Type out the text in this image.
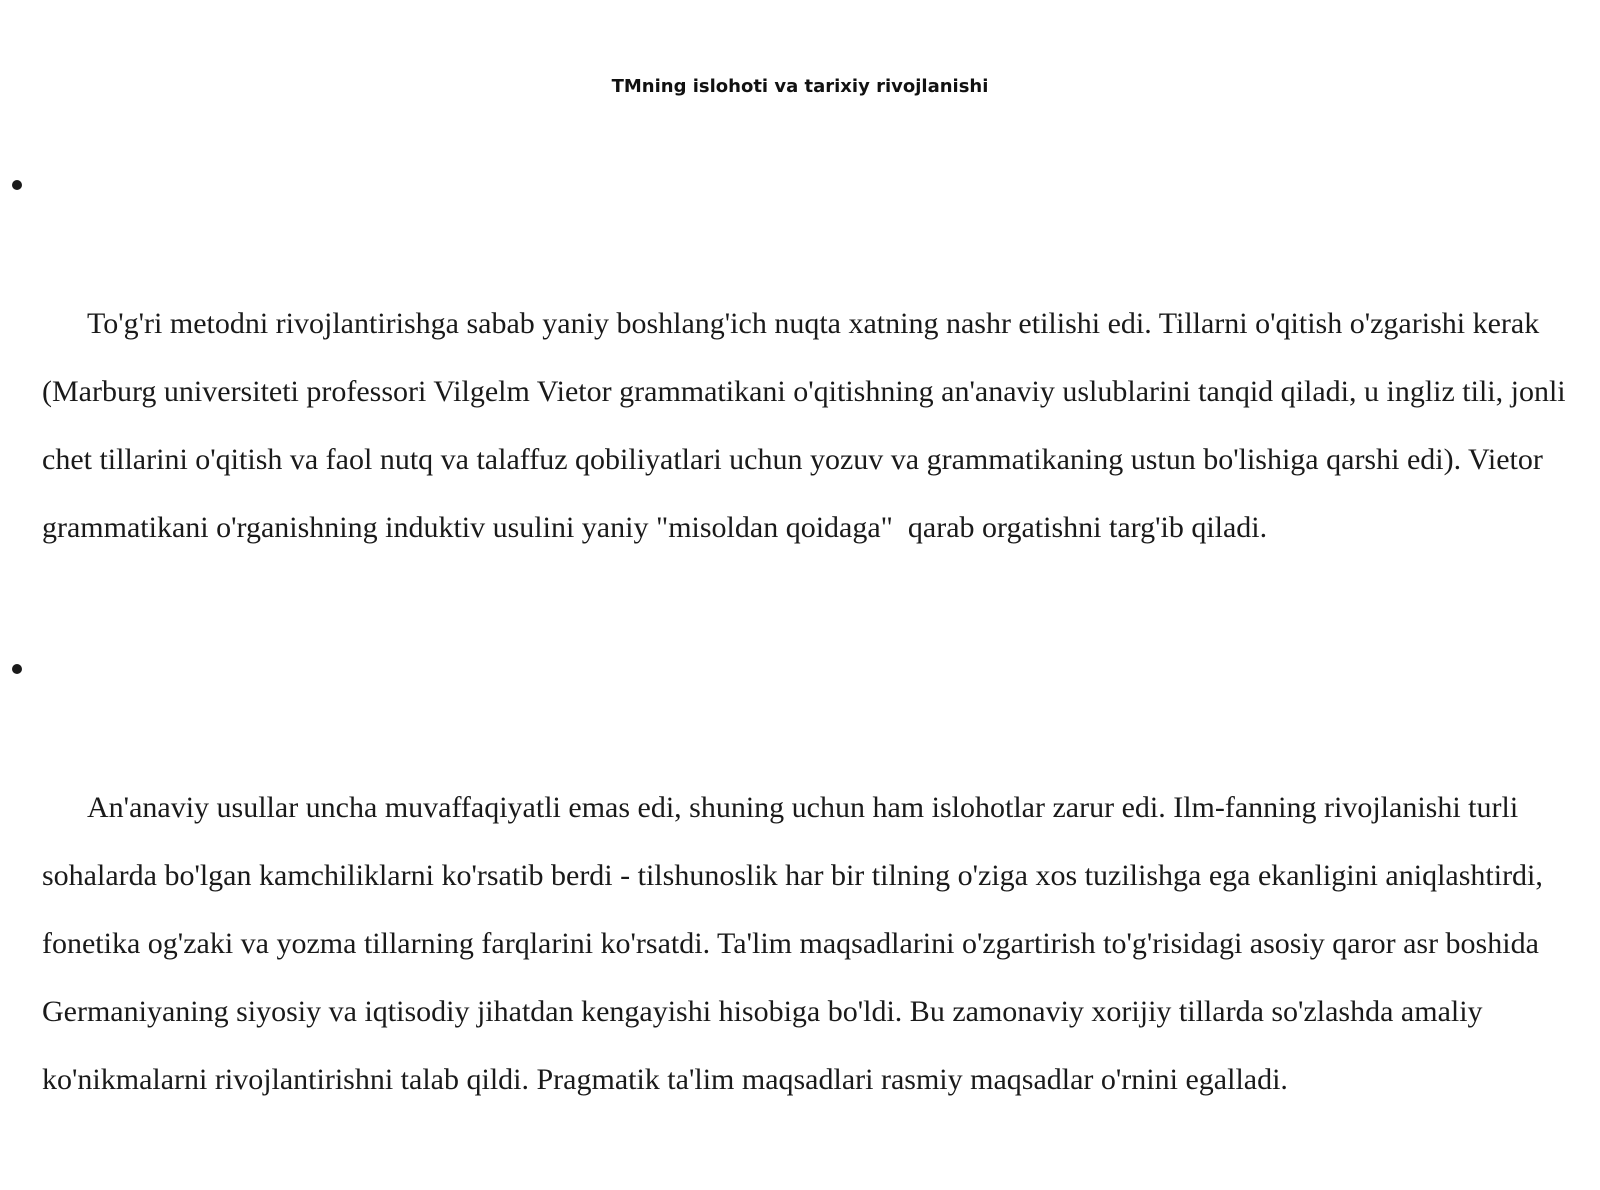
TMning islohoti va tarixiy rivojlanishi

To'g'ri metodni rivojlantirishga sabab yaniy boshlang'ich nuqta xatning nashr etilishi edi. Tillarni o'qitish o'zgarishi kerak (Marburg universiteti professori Vilgelm Vietor grammatikani o'qitishning an'anaviy uslublarini tanqid qiladi, u ingliz tili, jonli chet tillarini o'qitish va faol nutq va talaffuz qobiliyatlari uchun yozuv va grammatikaning ustun bo'lishiga qarshi edi). Vietor grammatikani o'rganishning induktiv usulini yaniy "misoldan qoidaga"  qarab orgatishni targ'ib qiladi.

An'anaviy usullar uncha muvaffaqiyatli emas edi, shuning uchun ham islohotlar zarur edi. Ilm-fanning rivojlanishi turli sohalarda bo'lgan kamchiliklarni ko'rsatib berdi - tilshunoslik har bir tilning o'ziga xos tuzilishga ega ekanligini aniqlashtirdi, fonetika og'zaki va yozma tillarning farqlarini ko'rsatdi. Ta'lim maqsadlarini o'zgartirish to'g'risidagi asosiy qaror asr boshida Germaniyaning siyosiy va iqtisodiy jihatdan kengayishi hisobiga bo'ldi. Bu zamonaviy xorijiy tillarda so'zlashda amaliy ko'nikmalarni rivojlantirishni talab qildi. Pragmatik ta'lim maqsadlari rasmiy maqsadlar o'rnini egalladi.
